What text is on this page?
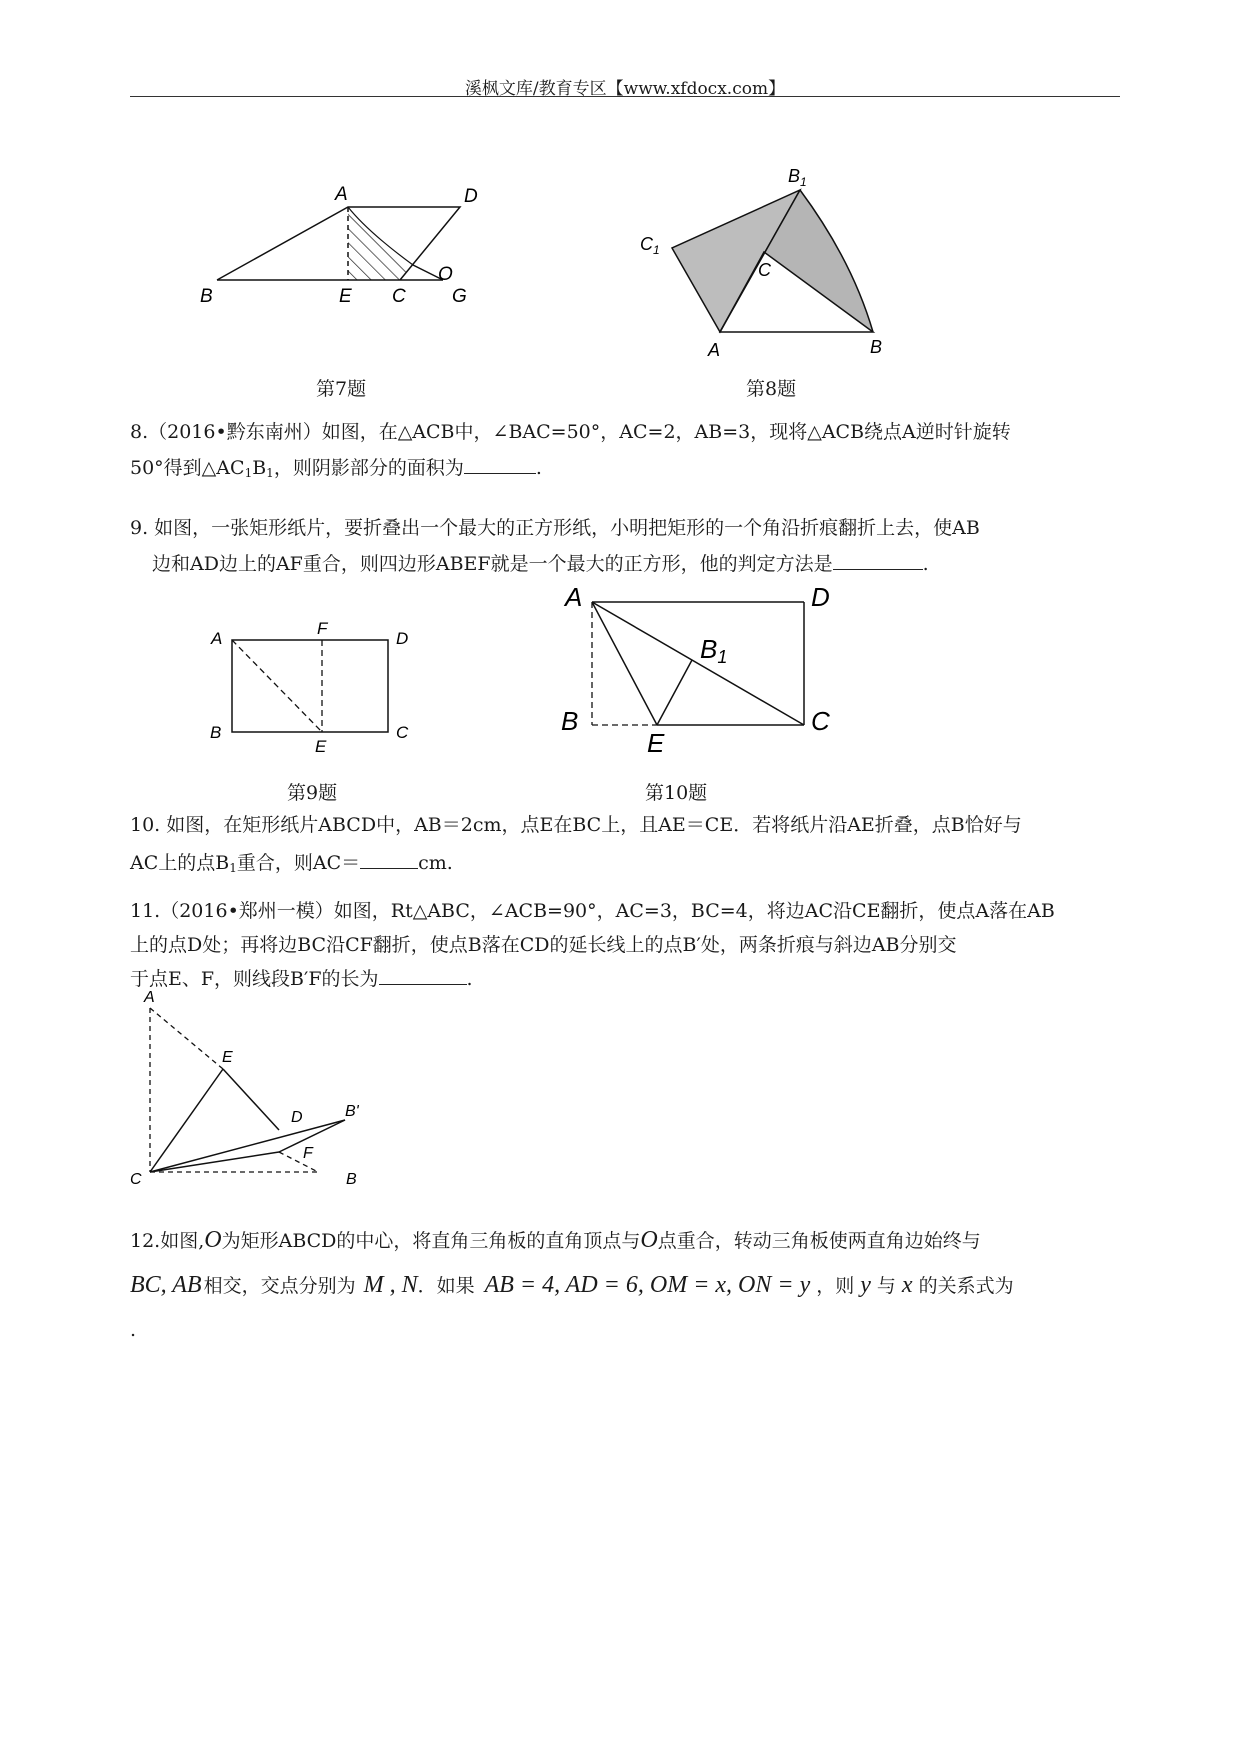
溪枫文库/教育专区【www.xfdocx.com】
A	D
B	E C G
O
第7题
$B_1$
$C_1$
C
A	B
第8题
8.（2016•黔东南州）如图，在△ACB中，∠BAC=50°，AC=2，AB=3，现将△ACB绕点A逆时针旋转
50°得到$\triangle AC_1B_1$，则阴影部分的面积为	.
9. 如图，一张矩形纸片，要折叠出一个最大的正方形纸，小明把矩形的一个角沿折痕翻折上去，使AB
边和AD边上的AF重合，则四边形ABEF就是一个最大的正方形，他的判定方法是	.
A
F
D
B
E
C
A	D
B1
B
E
C
第9题	第10题
10. 如图，在矩形纸片ABCD中，AB＝2cm，点E在BC上，且AE＝CE．若将纸片沿AE折叠，点B恰好与
AC上的点$B_1$重合，则AC＝	cm.
11.（2016•郑州一模）如图，Rt△ABC，∠ACB=90°，AC=3，BC=4，将边AC沿CE翻折，使点A落在AB
上的点D处；再将边BC沿CF翻折，使点B落在CD的延长线上的点B′处，两条折痕与斜边AB分别交
于点E、F，则线段B′F的长为	.
A
E
D	B'
F
C	B
12.如图,O为矩形ABCD的中心，将直角三角板的直角顶点与O点重合，转动三角板使两直角边始终与
BC, AB 相交，交点分别为 M , N．如果 AB = 4, AD = 6, OM = x, ON = y ，则 y 与 x 的关系式为
.
